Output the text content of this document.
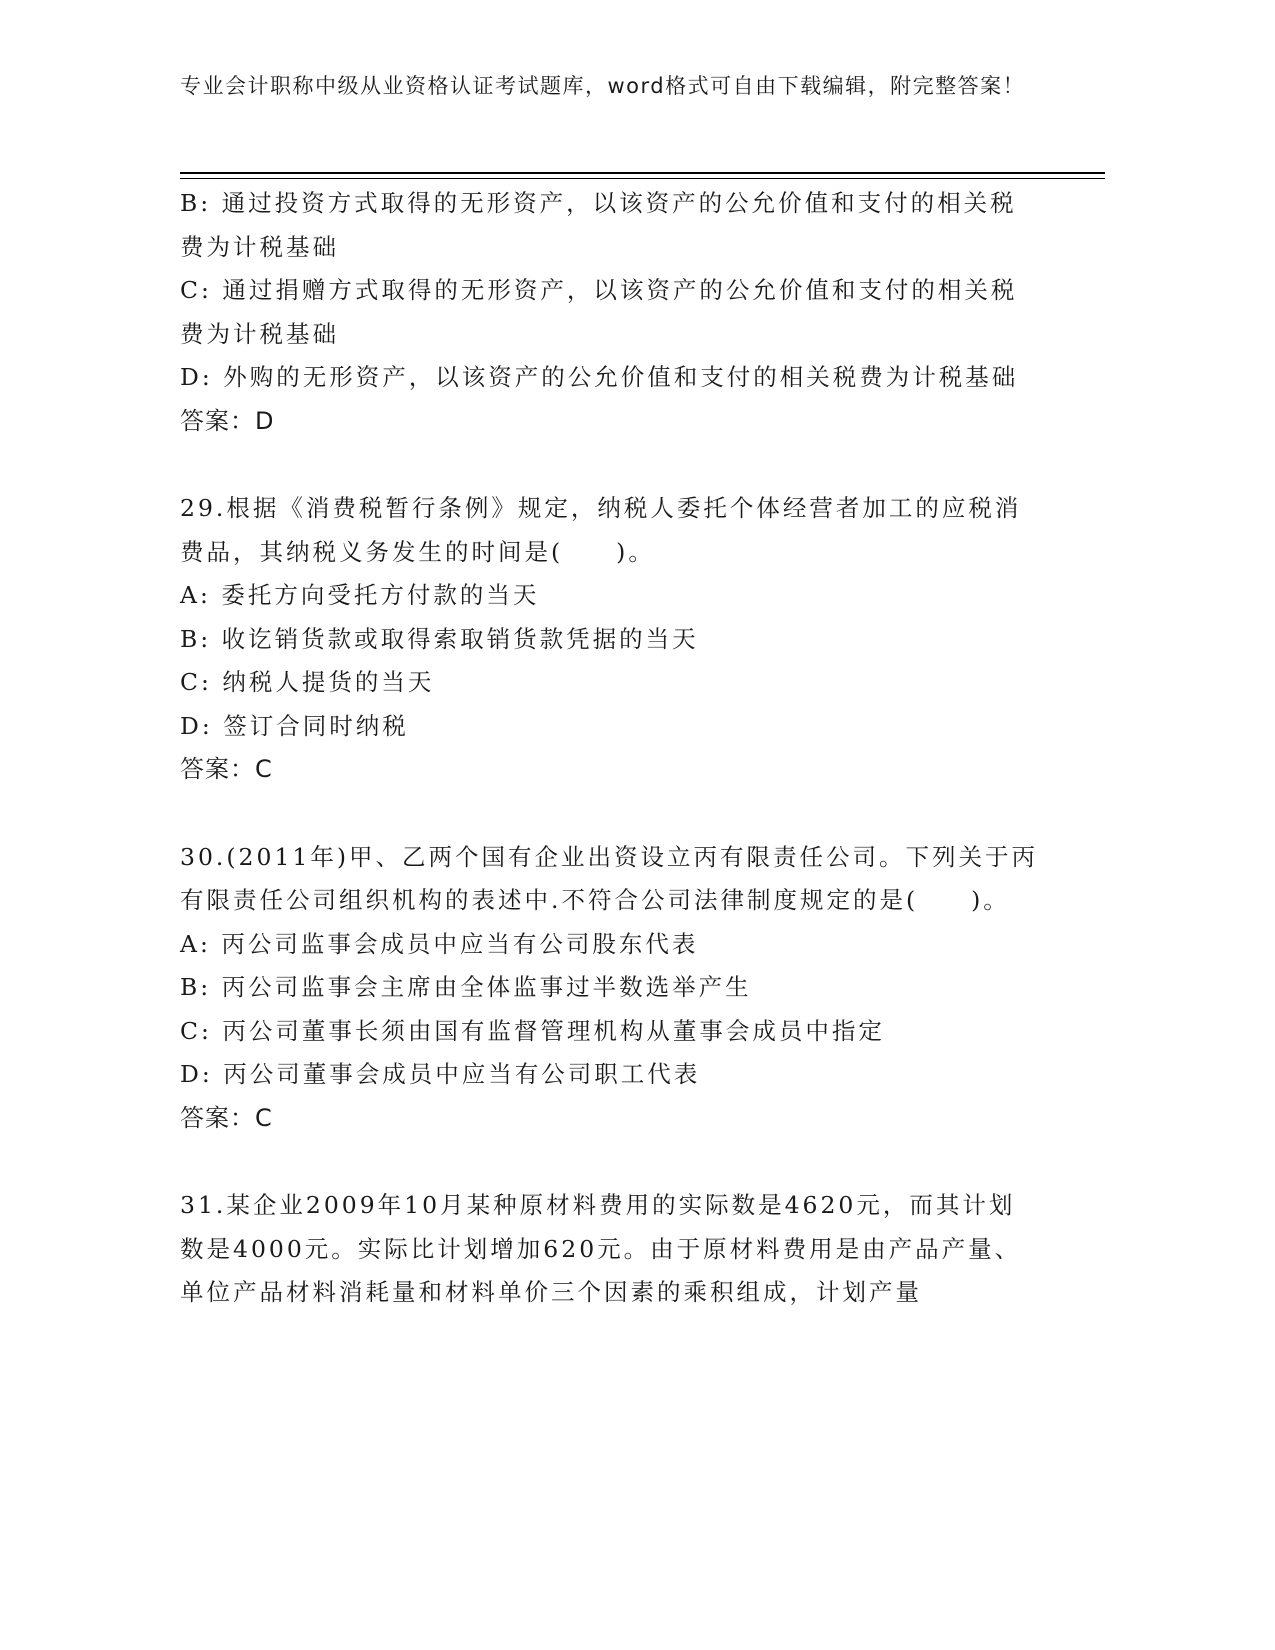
专业会计职称中级从业资格认证考试题库，word格式可自由下载编辑，附完整答案！
B: 通过投资方式取得的无形资产，以该资产的公允价值和支付的相关税费为计税基础
C: 通过捐赠方式取得的无形资产，以该资产的公允价值和支付的相关税费为计税基础
D: 外购的无形资产，以该资产的公允价值和支付的相关税费为计税基础
答案：D
29.根据《消费税暂行条例》规定，纳税人委托个体经营者加工的应税消费品，其纳税义务发生的时间是(　　)。
A: 委托方向受托方付款的当天
B: 收讫销货款或取得索取销货款凭据的当天
C: 纳税人提货的当天
D: 签订合同时纳税
答案：C
30.(2011年)甲、乙两个国有企业出资设立丙有限责任公司。下列关于丙有限责任公司组织机构的表述中.不符合公司法律制度规定的是(　　)。
A: 丙公司监事会成员中应当有公司股东代表
B: 丙公司监事会主席由全体监事过半数选举产生
C: 丙公司董事长须由国有监督管理机构从董事会成员中指定
D: 丙公司董事会成员中应当有公司职工代表
答案：C
31.某企业2009年10月某种原材料费用的实际数是4620元，而其计划数是4000元。实际比计划增加620元。由于原材料费用是由产品产量、单位产品材料消耗量和材料单价三个因素的乘积组成，计划产量
